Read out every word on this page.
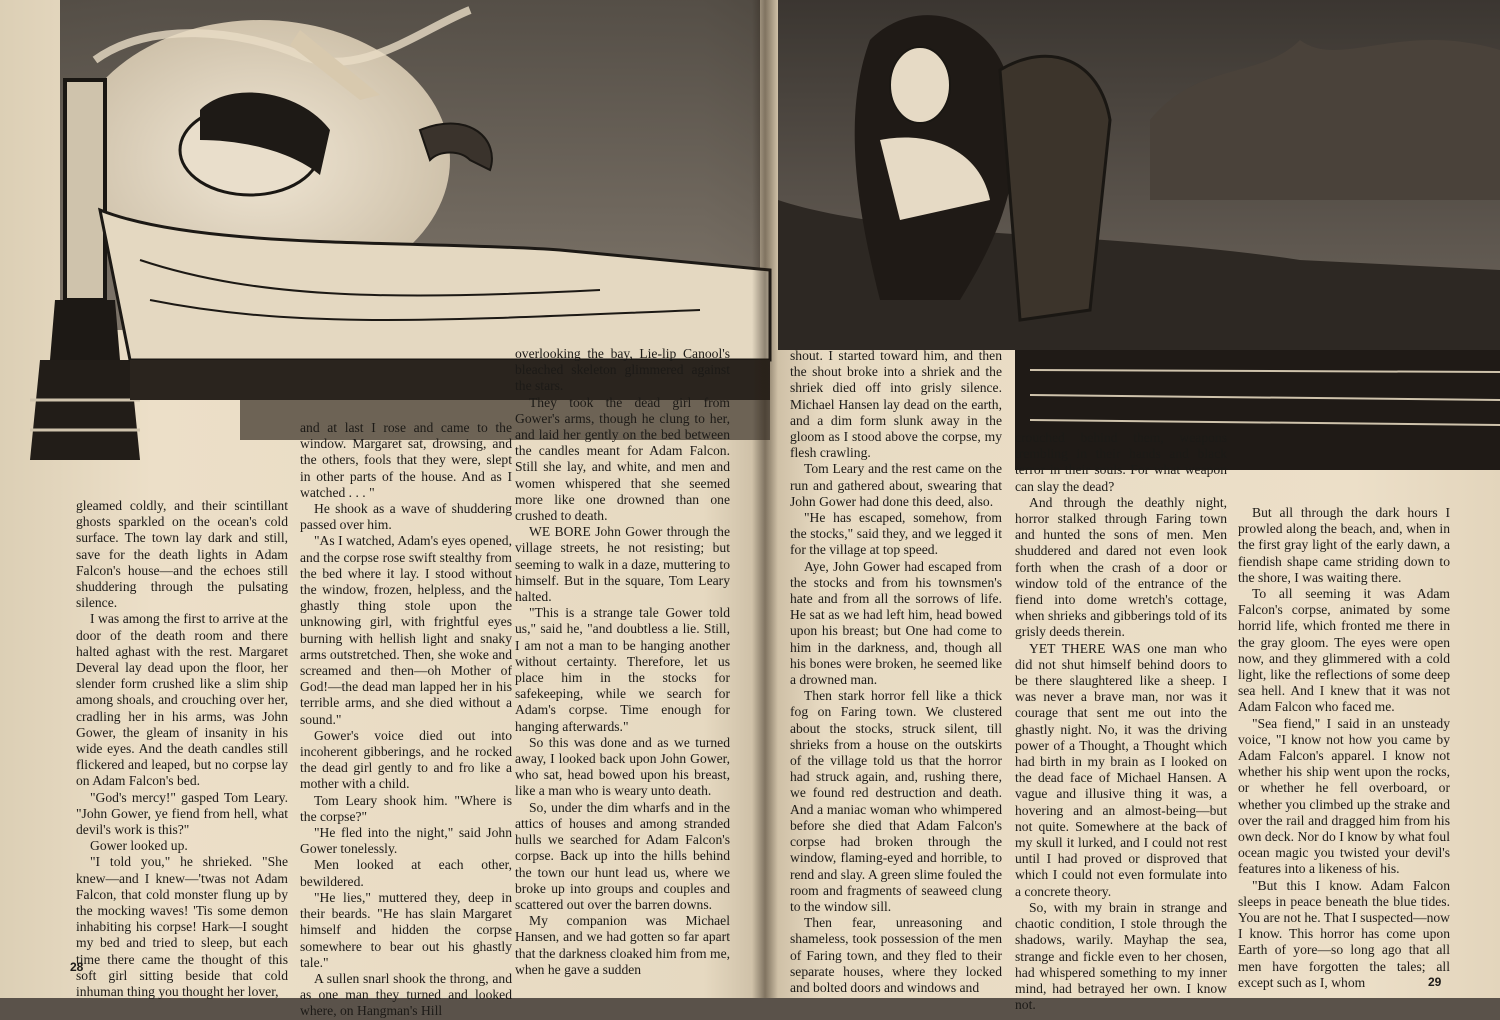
gleamed coldly, and their scintillant ghosts sparkled on the ocean's cold surface. The town lay dark and still, save for the death lights in Adam Falcon's house—and the echoes still shuddering through the pulsating silence.

I was among the first to arrive at the door of the death room and there halted aghast with the rest. Margaret Deveral lay dead upon the floor, her slender form crushed like a slim ship among shoals, and crouching over her, cradling her in his arms, was John Gower, the gleam of insanity in his wide eyes. And the death candles still flickered and leaped, but no corpse lay on Adam Falcon's bed.

"God's mercy!" gasped Tom Leary. "John Gower, ye fiend from hell, what devil's work is this?"

Gower looked up.

"I told you," he shrieked. "She knew—and I knew—'twas not Adam Falcon, that cold monster flung up by the mocking waves! 'Tis some demon inhabiting his corpse! Hark—I sought my bed and tried to sleep, but each time there came the thought of this soft girl sitting beside that cold inhuman thing you thought her lover,

and at last I rose and came to the window. Margaret sat, drowsing, and the others, fools that they were, slept in other parts of the house. And as I watched . . . "

He shook as a wave of shuddering passed over him.

"As I watched, Adam's eyes opened, and the corpse rose swift stealthy from the bed where it lay. I stood without the window, frozen, helpless, and the ghastly thing stole upon the unknowing girl, with frightful eyes burning with hellish light and snaky arms outstretched. Then, she woke and screamed and then—oh Mother of God!—the dead man lapped her in his terrible arms, and she died without a sound."

Gower's voice died out into incoherent gibberings, and he rocked the dead girl gently to and fro like a mother with a child.

Tom Leary shook him. "Where is the corpse?"

"He fled into the night," said John Gower tonelessly.

Men looked at each other, bewildered.

"He lies," muttered they, deep in their beards. "He has slain Margaret himself and hidden the corpse somewhere to bear out his ghastly tale."

A sullen snarl shook the throng, and as one man they turned and looked where, on Hangman's Hill

overlooking the bay, Lie-lip Canool's bleached skeleton glimmered against the stars.

They took the dead girl from Gower's arms, though he clung to her, and laid her gently on the bed between the candles meant for Adam Falcon. Still she lay, and white, and men and women whispered that she seemed more like one drowned than one crushed to death.

WE BORE John Gower through the village streets, he not resisting; but seeming to walk in a daze, muttering to himself. But in the square, Tom Leary halted.

"This is a strange tale Gower told us," said he, "and doubtless a lie. Still, I am not a man to be hanging another without certainty. Therefore, let us place him in the stocks for safekeeping, while we search for Adam's corpse. Time enough for hanging afterwards."

So this was done and as we turned away, I looked back upon John Gower, who sat, head bowed upon his breast, like a man who is weary unto death.

So, under the dim wharfs and in the attics of houses and among stranded hulls we searched for Adam Falcon's corpse. Back up into the hills behind the town our hunt lead us, where we broke up into groups and couples and scattered out over the barren downs.

My companion was Michael Hansen, and we had gotten so far apart that the darkness cloaked him from me, when he gave a sudden

shout. I started toward him, and then the shout broke into a shriek and the shriek died off into grisly silence. Michael Hansen lay dead on the earth, and a dim form slunk away in the gloom as I stood above the corpse, my flesh crawling.

Tom Leary and the rest came on the run and gathered about, swearing that John Gower had done this deed, also.

"He has escaped, somehow, from the stocks," said they, and we legged it for the village at top speed.

Aye, John Gower had escaped from the stocks and from his townsmen's hate and from all the sorrows of life. He sat as we had left him, head bowed upon his breast; but One had come to him in the darkness, and, though all his bones were broken, he seemed like a drowned man.

Then stark horror fell like a thick fog on Faring town. We clustered about the stocks, struck silent, till shrieks from a house on the outskirts of the village told us that the horror had struck again, and, rushing there, we found red destruction and death. And a maniac woman who whimpered before she died that Adam Falcon's corpse had broken through the window, flaming-eyed and horrible, to rend and slay. A green slime fouled the room and fragments of seaweed clung to the window sill.

Then fear, unreasoning and shameless, took possession of the men of Faring town, and they fled to their separate houses, where they locked and bolted doors and windows and

crouched behind them, weapons trembling in their hands and black terror in their souls. For what weapon can slay the dead?

And through the deathly night, horror stalked through Faring town and hunted the sons of men. Men shuddered and dared not even look forth when the crash of a door or window told of the entrance of the fiend into dome wretch's cottage, when shrieks and gibberings told of its grisly deeds therein.

YET THERE WAS one man who did not shut himself behind doors to be there slaughtered like a sheep. I was never a brave man, nor was it courage that sent me out into the ghastly night. No, it was the driving power of a Thought, a Thought which had birth in my brain as I looked on the dead face of Michael Hansen. A vague and illusive thing it was, a hovering and an almost-being—but not quite. Somewhere at the back of my skull it lurked, and I could not rest until I had proved or disproved that which I could not even formulate into a concrete theory.

So, with my brain in strange and chaotic condition, I stole through the shadows, warily. Mayhap the sea, strange and fickle even to her chosen, had whispered something to my inner mind, had betrayed her own. I know not.

But all through the dark hours I prowled along the beach, and, when in the first gray light of the early dawn, a fiendish shape came striding down to the shore, I was waiting there.

To all seeming it was Adam Falcon's corpse, animated by some horrid life, which fronted me there in the gray gloom. The eyes were open now, and they glimmered with a cold light, like the reflections of some deep sea hell. And I knew that it was not Adam Falcon who faced me.

"Sea fiend," I said in an unsteady voice, "I know not how you came by Adam Falcon's apparel. I know not whether his ship went upon the rocks, or whether he fell overboard, or whether you climbed up the strake and over the rail and dragged him from his own deck. Nor do I know by what foul ocean magic you twisted your devil's features into a likeness of his.

"But this I know. Adam Falcon sleeps in peace beneath the blue tides. You are not he. That I suspected—now I know. This horror has come upon Earth of yore—so long ago that all men have forgotten the tales; all except such as I, whom

28
29
